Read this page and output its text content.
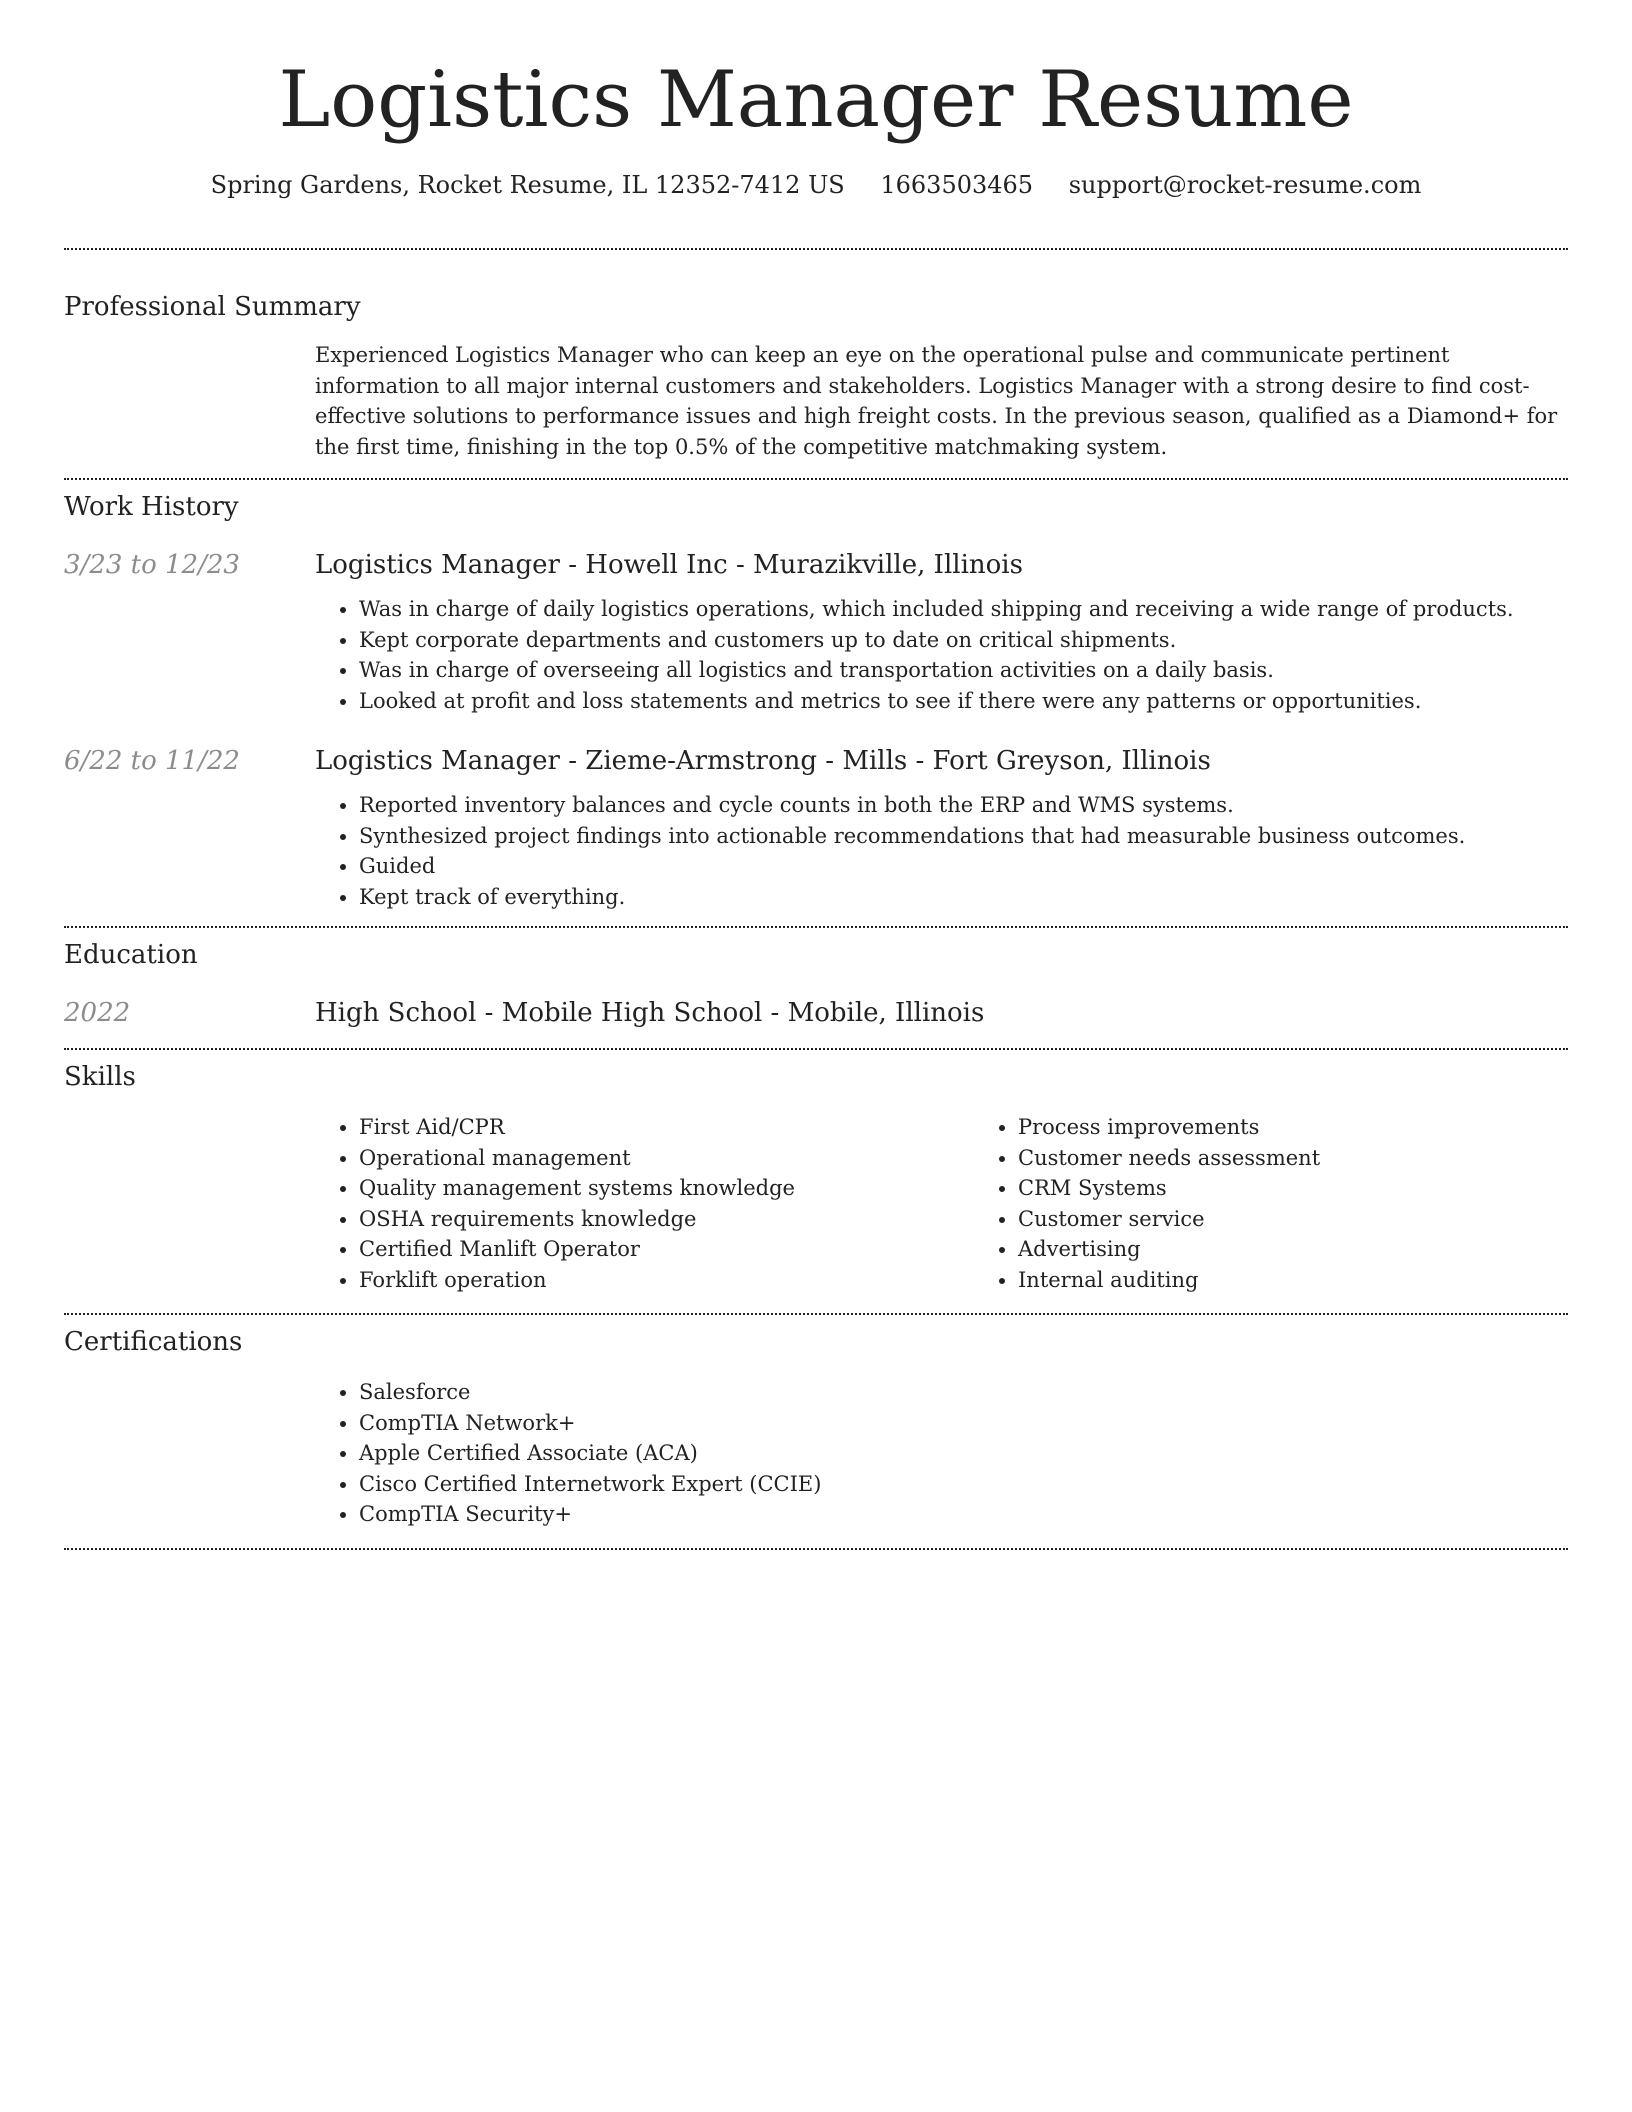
Logistics Manager Resume
Spring Gardens, Rocket Resume, IL 12352-7412 US 1663503465 support@rocket-resume.com
Professional Summary
Experienced Logistics Manager who can keep an eye on the operational pulse and communicate pertinent information to all major internal customers and stakeholders. Logistics Manager with a strong desire to find cost-effective solutions to performance issues and high freight costs. In the previous season, qualified as a Diamond+ for the first time, finishing in the top 0.5% of the competitive matchmaking system.
Work History
3/23 to 12/23	Logistics Manager - Howell Inc - Murazikville, Illinois
• Was in charge of daily logistics operations, which included shipping and receiving a wide range of products.
• Kept corporate departments and customers up to date on critical shipments.
• Was in charge of overseeing all logistics and transportation activities on a daily basis.
• Looked at profit and loss statements and metrics to see if there were any patterns or opportunities.
6/22 to 11/22	Logistics Manager - Zieme-Armstrong - Mills - Fort Greyson, Illinois
• Reported inventory balances and cycle counts in both the ERP and WMS systems.
• Synthesized project findings into actionable recommendations that had measurable business outcomes.
• Guided
• Kept track of everything.
Education
2022	High School - Mobile High School - Mobile, Illinois
Skills
• First Aid/CPR
• Operational management
• Quality management systems knowledge
• OSHA requirements knowledge
• Certified Manlift Operator
• Forklift operation
• Process improvements
• Customer needs assessment
• CRM Systems
• Customer service
• Advertising
• Internal auditing
Certifications
• Salesforce
• CompTIA Network+
• Apple Certified Associate (ACA)
• Cisco Certified Internetwork Expert (CCIE)
• CompTIA Security+
